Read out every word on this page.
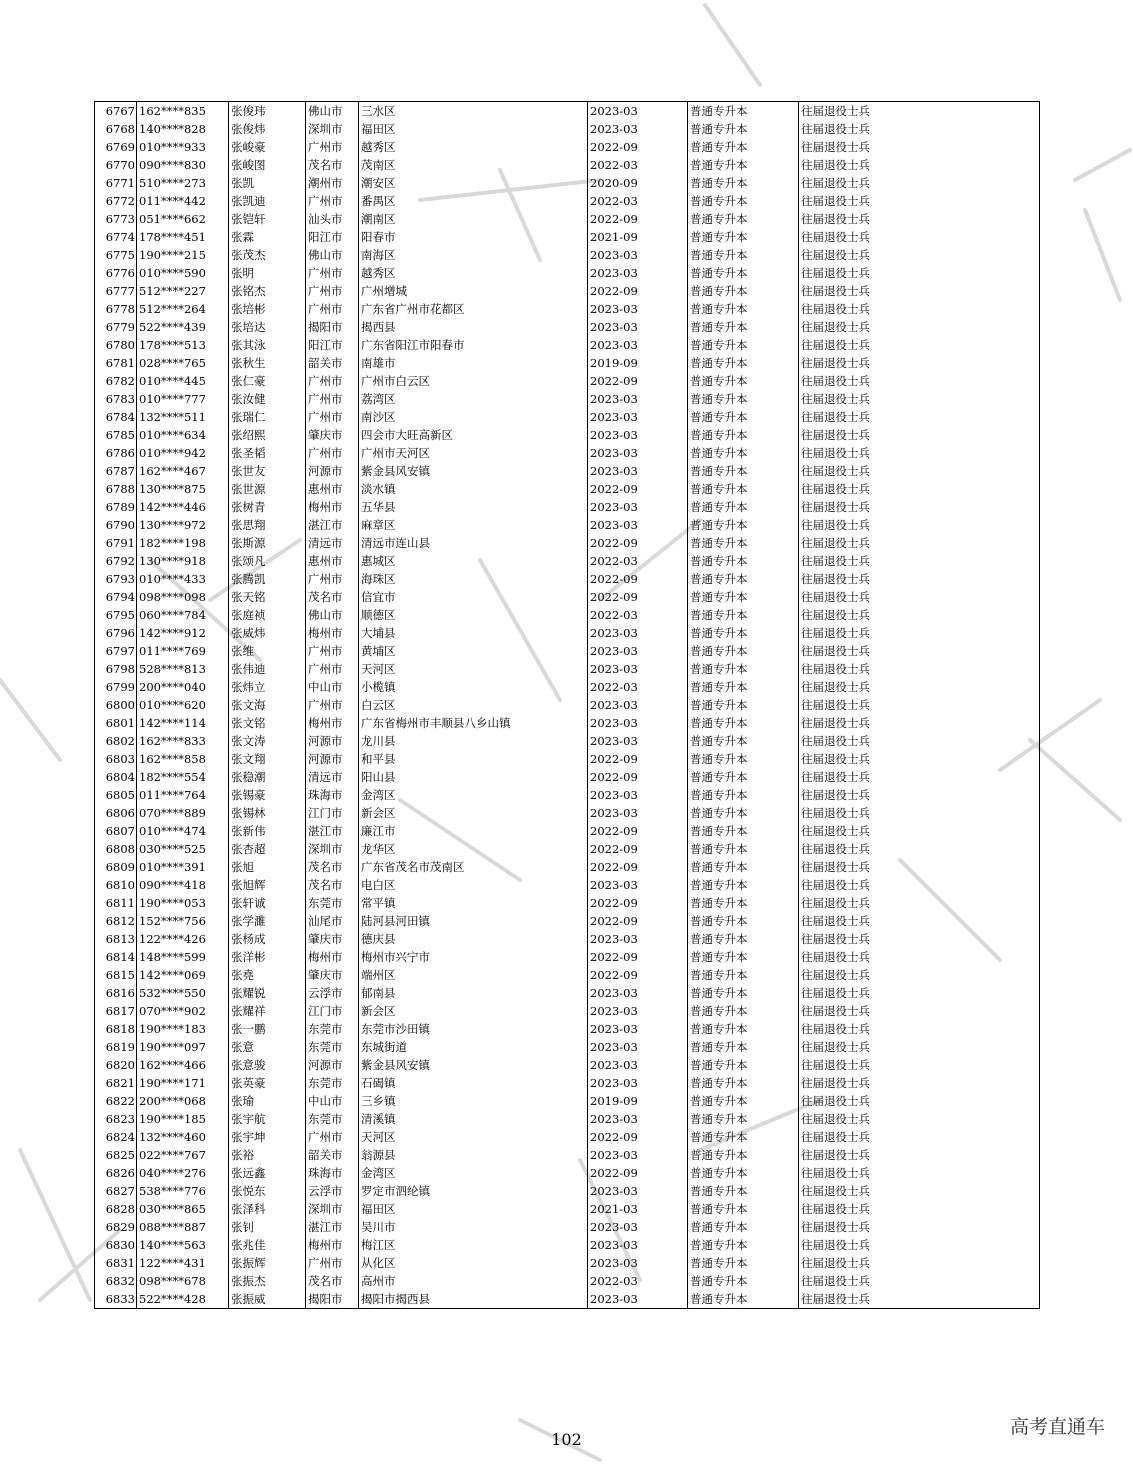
6767	162****835	张俊玮	佛山市	三水区	2023-03	普通专升本	往届退役士兵
6768	140****828	张俊炜	深圳市	福田区	2023-03	普通专升本	往届退役士兵
6769	010****933	张峻豪	广州市	越秀区	2022-09	普通专升本	往届退役士兵
6770	090****830	张峻图	茂名市	茂南区	2022-03	普通专升本	往届退役士兵
6771	510****273	张凯	潮州市	潮安区	2020-09	普通专升本	往届退役士兵
6772	011****442	张凯迪	广州市	番禺区	2022-03	普通专升本	往届退役士兵
6773	051****662	张铠轩	汕头市	潮南区	2022-09	普通专升本	往届退役士兵
6774	178****451	张霖	阳江市	阳春市	2021-09	普通专升本	往届退役士兵
6775	190****215	张茂杰	佛山市	南海区	2023-03	普通专升本	往届退役士兵
6776	010****590	张明	广州市	越秀区	2023-03	普通专升本	往届退役士兵
6777	512****227	张铭杰	广州市	广州增城	2022-09	普通专升本	往届退役士兵
6778	512****264	张培彬	广州市	广东省广州市花都区	2023-03	普通专升本	往届退役士兵
6779	522****439	张培达	揭阳市	揭西县	2023-03	普通专升本	往届退役士兵
6780	178****513	张其泳	阳江市	广东省阳江市阳春市	2023-03	普通专升本	往届退役士兵
6781	028****765	张秋生	韶关市	南雄市	2019-09	普通专升本	往届退役士兵
6782	010****445	张仁豪	广州市	广州市白云区	2022-09	普通专升本	往届退役士兵
6783	010****777	张汝健	广州市	荔湾区	2023-03	普通专升本	往届退役士兵
6784	132****511	张瑞仁	广州市	南沙区	2023-03	普通专升本	往届退役士兵
6785	010****634	张绍熙	肇庆市	四会市大旺高新区	2023-03	普通专升本	往届退役士兵
6786	010****942	张圣韬	广州市	广州市天河区	2023-03	普通专升本	往届退役士兵
6787	162****467	张世友	河源市	紫金县风安镇	2023-03	普通专升本	往届退役士兵
6788	130****875	张世源	惠州市	淡水镇	2022-09	普通专升本	往届退役士兵
6789	142****446	张树青	梅州市	五华县	2023-03	普通专升本	往届退役士兵
6790	130****972	张思翔	湛江市	麻章区	2023-03	普通专升本	往届退役士兵
6791	182****198	张斯源	清远市	清远市连山县	2022-09	普通专升本	往届退役士兵
6792	130****918	张颂凡	惠州市	惠城区	2022-03	普通专升本	往届退役士兵
6793	010****433	张腾凯	广州市	海珠区	2022-09	普通专升本	往届退役士兵
6794	098****098	张天铭	茂名市	信宜市	2022-09	普通专升本	往届退役士兵
6795	060****784	张庭祯	佛山市	顺德区	2022-03	普通专升本	往届退役士兵
6796	142****912	张威炜	梅州市	大埔县	2023-03	普通专升本	往届退役士兵
6797	011****769	张维	广州市	黄埔区	2023-03	普通专升本	往届退役士兵
6798	528****813	张伟迪	广州市	天河区	2023-03	普通专升本	往届退役士兵
6799	200****040	张炜立	中山市	小榄镇	2022-03	普通专升本	往届退役士兵
6800	010****620	张文海	广州市	白云区	2023-03	普通专升本	往届退役士兵
6801	142****114	张文铭	梅州市	广东省梅州市丰顺县八乡山镇	2023-03	普通专升本	往届退役士兵
6802	162****833	张文涛	河源市	龙川县	2023-03	普通专升本	往届退役士兵
6803	162****858	张文翔	河源市	和平县	2022-09	普通专升本	往届退役士兵
6804	182****554	张稳潮	清远市	阳山县	2022-09	普通专升本	往届退役士兵
6805	011****764	张锡豪	珠海市	金湾区	2023-03	普通专升本	往届退役士兵
6806	070****889	张锡林	江门市	新会区	2023-03	普通专升本	往届退役士兵
6807	010****474	张新伟	湛江市	廉江市	2022-09	普通专升本	往届退役士兵
6808	030****525	张杏超	深圳市	龙华区	2022-09	普通专升本	往届退役士兵
6809	010****391	张旭	茂名市	广东省茂名市茂南区	2022-09	普通专升本	往届退役士兵
6810	090****418	张旭辉	茂名市	电白区	2023-03	普通专升本	往届退役士兵
6811	190****053	张轩诚	东莞市	常平镇	2022-09	普通专升本	往届退役士兵
6812	152****756	张学濉	汕尾市	陆河县河田镇	2022-09	普通专升本	往届退役士兵
6813	122****426	张杨成	肇庆市	德庆县	2023-03	普通专升本	往届退役士兵
6814	148****599	张洋彬	梅州市	梅州市兴宁市	2022-09	普通专升本	往届退役士兵
6815	142****069	张堯	肇庆市	端州区	2022-09	普通专升本	往届退役士兵
6816	532****550	张耀锐	云浮市	郁南县	2023-03	普通专升本	往届退役士兵
6817	070****902	张耀祥	江门市	新会区	2023-03	普通专升本	往届退役士兵
6818	190****183	张一鹏	东莞市	东莞市沙田镇	2023-03	普通专升本	往届退役士兵
6819	190****097	张意	东莞市	东城街道	2023-03	普通专升本	往届退役士兵
6820	162****466	张意骏	河源市	紫金县风安镇	2023-03	普通专升本	往届退役士兵
6821	190****171	张英豪	东莞市	石碣镇	2023-03	普通专升本	往届退役士兵
6822	200****068	张瑜	中山市	三乡镇	2019-09	普通专升本	往届退役士兵
6823	190****185	张宇航	东莞市	清溪镇	2023-03	普通专升本	往届退役士兵
6824	132****460	张宇坤	广州市	天河区	2022-09	普通专升本	往届退役士兵
6825	022****767	张裕	韶关市	翁源县	2023-03	普通专升本	往届退役士兵
6826	040****276	张远鑫	珠海市	金湾区	2022-09	普通专升本	往届退役士兵
6827	538****776	张悦东	云浮市	罗定市泗纶镇	2023-03	普通专升本	往届退役士兵
6828	030****865	张泽科	深圳市	福田区	2021-03	普通专升本	往届退役士兵
6829	088****887	张钊	湛江市	吴川市	2023-03	普通专升本	往届退役士兵
6830	140****563	张兆佳	梅州市	梅江区	2023-03	普通专升本	往届退役士兵
6831	122****431	张振辉	广州市	从化区	2023-03	普通专升本	往届退役士兵
6832	098****678	张振杰	茂名市	高州市	2022-03	普通专升本	往届退役士兵
6833	522****428	张振威	揭阳市	揭阳市揭西县	2023-03	普通专升本	往届退役士兵
102
高考直通车
